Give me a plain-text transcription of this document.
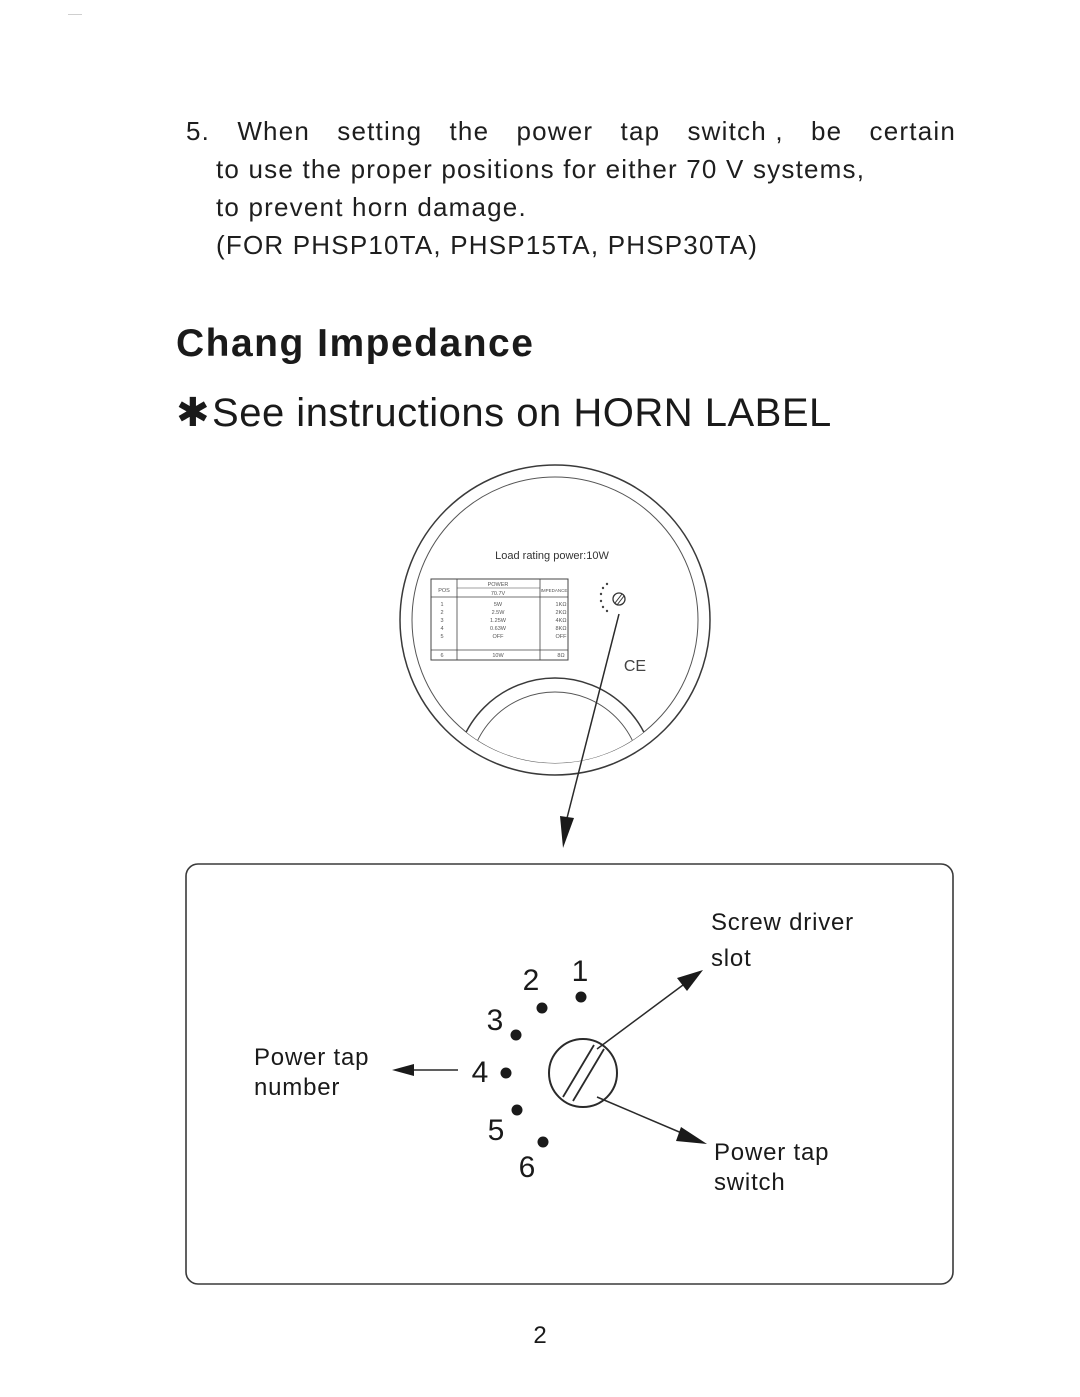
5. When setting the power tap switch , be certain
to use the proper positions for either 70 V systems,
to prevent horn damage.
(FOR PHSP10TA, PHSP15TA, PHSP30TA)
Chang Impedance
✱See instructions on HORN LABEL
Load rating power:10W
POS
POWER
70.7V
IMPEDANCE
1	5W	1KΩ
2	2.5W	2KΩ
3	1.25W	4KΩ
4	0.63W	8KΩ
5	OFF	OFF
6	10W	8Ω
CE
1
2
3
4
5
6
Screw driver
slot
Power tap
number
Power tap
switch
2
